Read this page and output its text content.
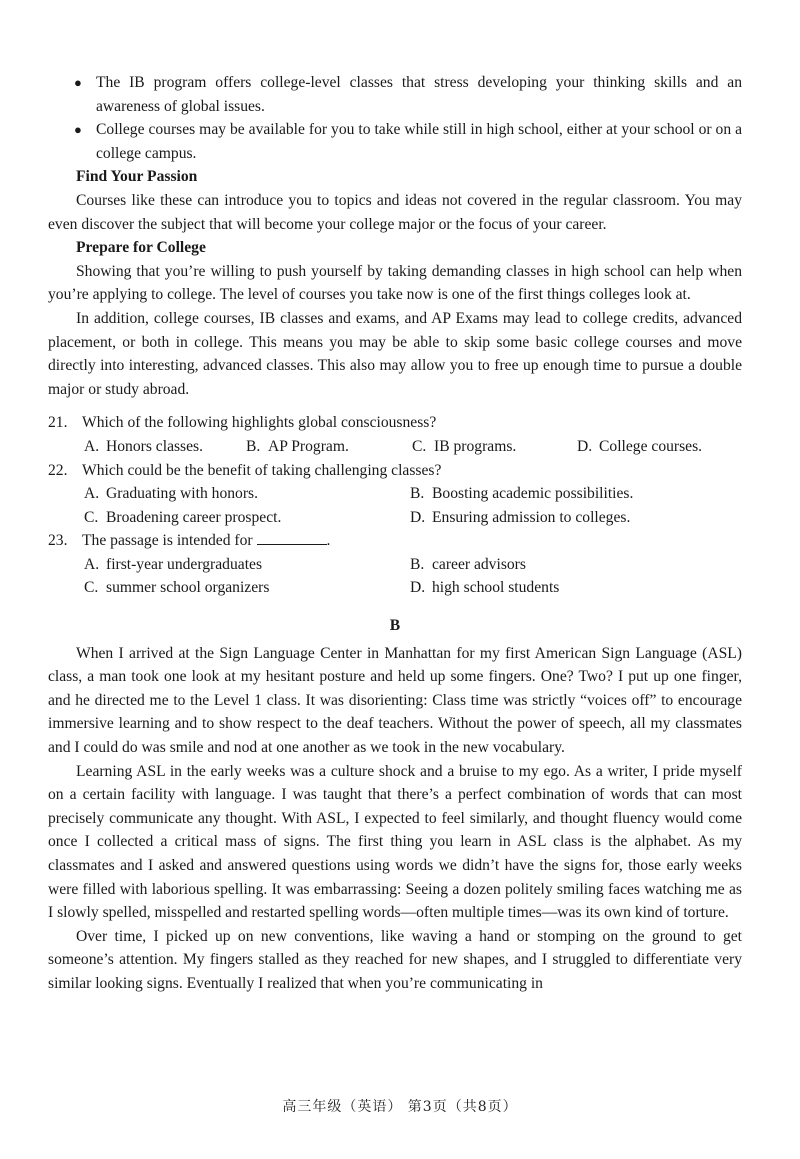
● The IB program offers college-level classes that stress developing your thinking skills and an awareness of global issues.
● College courses may be available for you to take while still in high school, either at your school or on a college campus.
Find Your Passion

Courses like these can introduce you to topics and ideas not covered in the regular classroom. You may even discover the subject that will become your college major or the focus of your career.

Prepare for College

Showing that you’re willing to push yourself by taking demanding classes in high school can help when you’re applying to college. The level of courses you take now is one of the first things colleges look at.

In addition, college courses, IB classes and exams, and AP Exams may lead to college credits, advanced placement, or both in college. This means you may be able to skip some basic college courses and move directly into interesting, advanced classes. This also may allow you to free up enough time to pursue a double major or study abroad.

21. Which of the following highlights global consciousness?
A. Honors classes.	B. AP Program.	C. IB programs.	D. College courses.
22. Which could be the benefit of taking challenging classes?
A. Graduating with honors.	B. Boosting academic possibilities.
C. Broadening career prospect.	D. Ensuring admission to colleges.
23. The passage is intended for	.
A. first-year undergraduates	B. career advisors
C. summer school organizers	D. high school students
B

When I arrived at the Sign Language Center in Manhattan for my first American Sign Language (ASL) class, a man took one look at my hesitant posture and held up some fingers. One? Two? I put up one finger, and he directed me to the Level 1 class. It was disorienting: Class time was strictly “voices off” to encourage immersive learning and to show respect to the deaf teachers. Without the power of speech, all my classmates and I could do was smile and nod at one another as we took in the new vocabulary.

Learning ASL in the early weeks was a culture shock and a bruise to my ego. As a writer, I pride myself on a certain facility with language. I was taught that there’s a perfect combination of words that can most precisely communicate any thought. With ASL, I expected to feel similarly, and thought fluency would come once I collected a critical mass of signs. The first thing you learn in ASL class is the alphabet. As my classmates and I asked and answered questions using words we didn’t have the signs for, those early weeks were filled with laborious spelling. It was embarrassing: Seeing a dozen politely smiling faces watching me as I slowly spelled, misspelled and restarted spelling words—often multiple times—was its own kind of torture.

Over time, I picked up on new conventions, like waving a hand or stomping on the ground to get someone’s attention. My fingers stalled as they reached for new shapes, and I struggled to differentiate very similar looking signs. Eventually I realized that when you’re communicating in

高三年级（英语） 第3页（共8页）
